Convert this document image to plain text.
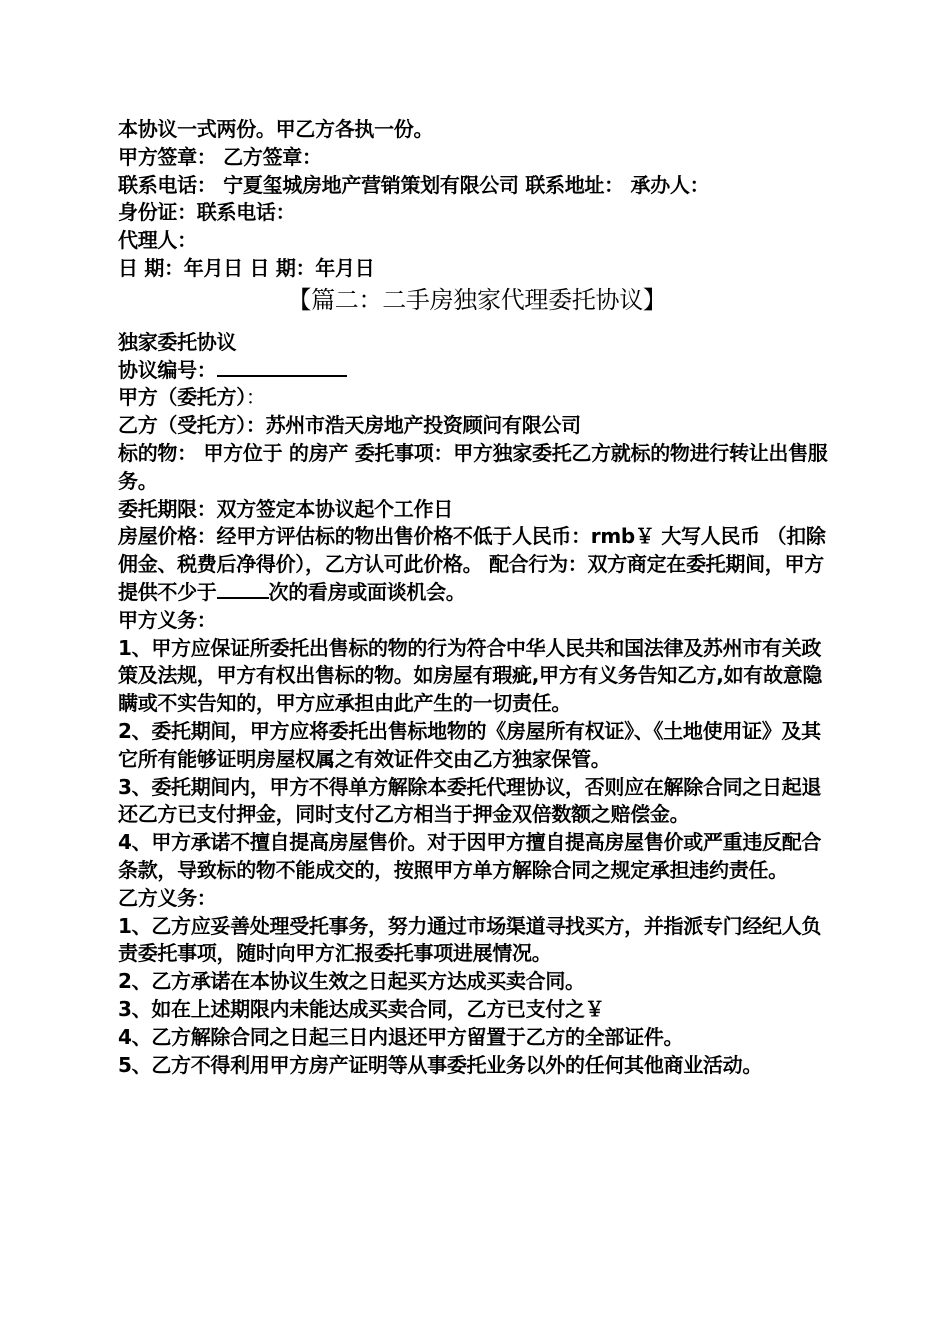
本协议一式两份。甲乙方各执一份。
甲方签章： 乙方签章：
联系电话： 宁夏玺城房地产营销策划有限公司 联系地址： 承办人：
身份证：联系电话：
代理人：
日 期：年月日 日 期：年月日
【篇二：二手房独家代理委托协议】
独家委托协议
协议编号：
甲方（委托方）：
乙方（受托方）：苏州市浩天房地产投资顾问有限公司
标的物： 甲方位于 的房产 委托事项：甲方独家委托乙方就标的物进行转让出售服务。
委托期限：双方签定本协议起个工作日
房屋价格：经甲方评估标的物出售价格不低于人民币：rmb￥ 大写人民币 （扣除佣金、税费后净得价），乙方认可此价格。 配合行为：双方商定在委托期间，甲方提供不少于	次的看房或面谈机会。
甲方义务：
1、甲方应保证所委托出售标的物的行为符合中华人民共和国法律及苏州市有关政策及法规，甲方有权出售标的物。如房屋有瑕疵,甲方有义务告知乙方,如有故意隐瞒或不实告知的，甲方应承担由此产生的一切责任。
2、委托期间，甲方应将委托出售标地物的《房屋所有权证》、《土地使用证》及其它所有能够证明房屋权属之有效证件交由乙方独家保管。
3、委托期间内，甲方不得单方解除本委托代理协议，否则应在解除合同之日起退还乙方已支付押金，同时支付乙方相当于押金双倍数额之赔偿金。
4、甲方承诺不擅自提高房屋售价。对于因甲方擅自提高房屋售价或严重违反配合条款，导致标的物不能成交的，按照甲方单方解除合同之规定承担违约责任。
乙方义务：
1、乙方应妥善处理受托事务，努力通过市场渠道寻找买方，并指派专门经纪人负责委托事项，随时向甲方汇报委托事项进展情况。
2、乙方承诺在本协议生效之日起买方达成买卖合同。
3、如在上述期限内未能达成买卖合同，乙方已支付之￥
4、乙方解除合同之日起三日内退还甲方留置于乙方的全部证件。
5、乙方不得利用甲方房产证明等从事委托业务以外的任何其他商业活动。
